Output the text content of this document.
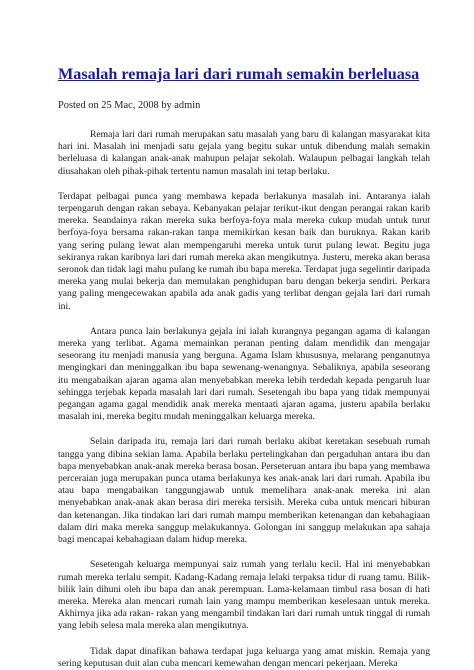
Masalah remaja lari dari rumah semakin berleluasa

Posted on 25 Mac, 2008 by admin

Remaja lari dari rumah merupakan satu masalah yang baru di kalangan masyarakat kita hari ini. Masalah ini menjadi satu gejala yang begitu sukar untuk dibendung malah semakin berleluasa di kalangan anak-anak mahupun pelajar sekolah. Walaupun pelbagai langkah telah diusahakan oleh pihak-pihak tertentu namun masalah ini tetap berlaku.

Terdapat pelbagai punca yang membawa kepada berlakunya masalah ini. Antaranya ialah terpengaruh dengan rakan sebaya. Kebanyakan pelajar terikut-ikut dengan perangai rakan karib mereka. Seandainya rakan mereka suka berfoya-foya mala mereka cukup mudah untuk turut berfoya-foya bersama rakan-rakan tanpa memikirkan kesan baik dan buruknya. Rakan karib yang sering pulang lewat alan mempengaruhi mereka untuk turut pulang lewat. Begitu juga sekiranya rakan karibnya lari dari rumah mereka akan mengikutnya. Justeru, mereka akan berasa seronok dan tidak lagi mahu pulang ke rumah ibu bapa mereka. Terdapat juga segelintir daripada mereka yang mulai bekerja dan memulakan penghidupan baru dengan bekerja sendiri. Perkara yang paling mengecewakan apabila ada anak gadis yang terlibat dengan gejala lari dari rumah ini.

Antara punca lain berlakunya gejala ini ialah kurangnya pegangan agama di kalangan mereka yang terlibat. Agama memainkan peranan penting dalam mendidik dan mengajar seseorang itu menjadi manusia yang berguna. Agama Islam khususnya, melarang penganutnya mengingkari dan meninggalkan ibu bapa sewenang-wenangnya. Sebaliknya, apabila seseorang itu mengabaikan ajaran agama alan menyebabkan mereka lebih terdedah kepada pengaruh luar sehingga terjebak kepada masalah lari dari rumah. Sesetengah ibu bapa yang tidak mempunyai pegangan agama gagal mendidik anak mereka mentaati ajaran agama, justeru apabila berlaku masalah ini, mereka begitu mudah meninggalkan keluarga mereka.

Selain daripada itu, remaja lari dari rumah berlaku akibat keretakan sesebuah rumah tangga yang dibina sekian lama. Apabila berlaku pertelingkahan dan pergaduhan antara ibu dan bapa menyebabkan anak-anak mereka berasa bosan. Perseteruan antara ibu bapa yang membawa perceraian juga merupakan punca utama berlakunya kes anak-anak lari dari rumah. Apabila ibu atau bapa mengabaikan tanggungjawab untuk memelihara anak-anak mereka ini alan menyebabkan anak-anak akan berasa diri mereka tersisih. Mereka cuba untuk mencari hiburan dan ketenangan. Jika tindakan lari dari rumah mampu memberikan ketenangan dan kebahagiaan dalam diri maka mereka sanggup melakukannya. Golongan ini sanggup melakukan apa sahaja bagi mencapai kebahagiaan dalam hidup mereka.

Sesetengah keluarga mempunyai saiz rumah yang terlalu kecil. Hal ini menyebabkan rumah mereka terlalu sempit. Kadang-Kadang remaja lelaki terpaksa tidur di ruang tamu. Bilik-bilik lain dihuni oleh ibu bapa dan anak perempuan. Lama-kelamaan timbul rasa bosan di hati mereka. Mereka alan mencari rumah lain yang mampu memberikan keselesaan untuk mereka. Akhirnya jika ada rakan- rakan yang mengambil tindakan lari dari rumah untuk tinggal di rumah yang lebih selesa mala mereka alan mengikutnya.

Tidak dapat dinafikan bahawa terdapat juga keluarga yang amat miskin. Remaja yang sering keputusan duit alan cuba mencari kemewahan dengan mencari pekerjaan. Mereka
